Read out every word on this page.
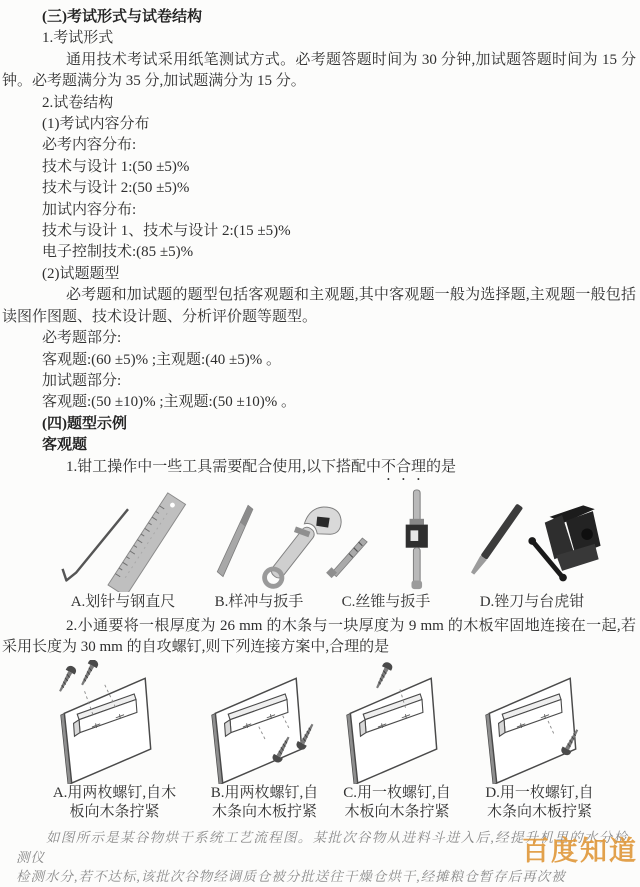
(三)考试形式与试卷结构

1.考试形式

通用技术考试采用纸笔测试方式。必考题答题时间为 30 分钟,加试题答题时间为 15 分钟。必考题满分为 35 分,加试题满分为 15 分。

2.试卷结构

(1)考试内容分布

必考内容分布:

技术与设计 1:(50 ±5)%

技术与设计 2:(50 ±5)%

加试内容分布:

技术与设计 1、技术与设计 2:(15 ±5)%

电子控制技术:(85 ±5)%

(2)试题题型

必考题和加试题的题型包括客观题和主观题,其中客观题一般为选择题,主观题一般包括读图作图题、技术设计题、分析评价题等题型。

必考题部分:

客观题:(60 ±5)% ;主观题:(40 ±5)% 。

加试题部分:

客观题:(50 ±10)% ;主观题:(50 ±10)% 。

(四)题型示例

客观题

1.钳工操作中一些工具需要配合使用,以下搭配中不合理的是

A.划针与钢直尺	B.样冲与扳手	C.丝锥与扳手	D.锉刀与台虎钳

2.小通要将一根厚度为 26 mm 的木条与一块厚度为 9 mm 的木板牢固地连接在一起,若采用长度为 30 mm 的自攻螺钉,则下列连接方案中,合理的是

A.用两枚螺钉,自木
板向木条拧紧
B.用两枚螺钉,自
木条向木板拧紧
C.用一枚螺钉,自
木板向木条拧紧
D.用一枚螺钉,自
木条向木板拧紧

如图所示是某谷物烘干系统工艺流程图。某批次谷物从进料斗进入后,经提升机里的水分检测仪

检测水分,若不达标,该批次谷物经调质仓被分批送往干燥仓烘干,经摊粮仓暂存后再次被

百度知道
